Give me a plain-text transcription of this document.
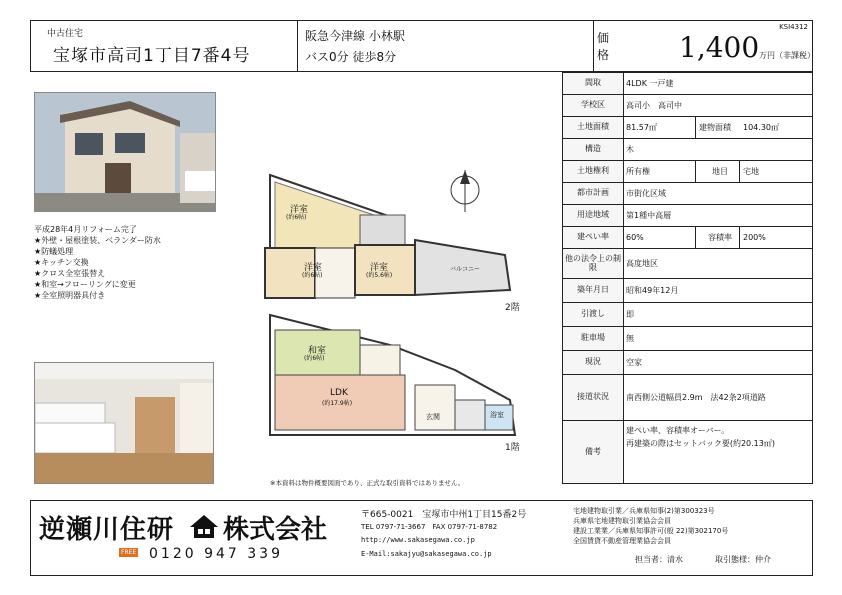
中古住宅
宝塚市高司1丁目7番4号
阪急今津線 小林駅
バス0分 徒歩8分
価
格
KSI4312
1,400 万円（非課税）
平成28年4月リフォーム完了
★外壁・屋根塗装、ベランダー防水
★防蟻処理
★キッチン交換
★クロス全室張替え
★和室→フローリングに変更
★全室照明器具付き
洋室
(約6帖)
洋室
(約6帖)
洋室
(約5.6帖)
バルコニー
2階
和室
(約6帖)
LDK
(約17.9帖)
玄関	浴室
1階
※本資料は物件概要図面であり、正式な取引資料ではありません。
間取	4LDK 一戸建
学校区	高司小　高司中
土地面積	81.57㎡	建物面積	104.30㎡
構造	木
土地権利	所有権	地目	宅地
都市計画	市街化区域
用途地域	第1種中高層
建ぺい率	60%	容積率	200%
他の法令上の制限	高度地区
築年月日	昭和49年12月
引渡し	即
駐車場	無
現況	空家
接道状況	南西側公道幅員2.9m　法42条2項道路
備考
建ぺい率、容積率オーバー。
再建築の際はセットバック要(約20.13㎡)
逆瀬川住研 株式会社
FREE 0120 947 339
〒665-0021　宝塚市中州1丁目15番2号
TEL 0797-71-3667　FAX 0797-71-8782
http://www.sakasegawa.co.jp
E-Mail:sakajyu@sakasegawa.co.jp
宅地建物取引業／兵庫県知事(2)第300323号
兵庫県宅地建物取引業協会会員
建設工業業／兵庫県知事許可(般 22)第302170号
全国賃貸不動産管理業協会会員
担当者：清水	取引態様：仲介
